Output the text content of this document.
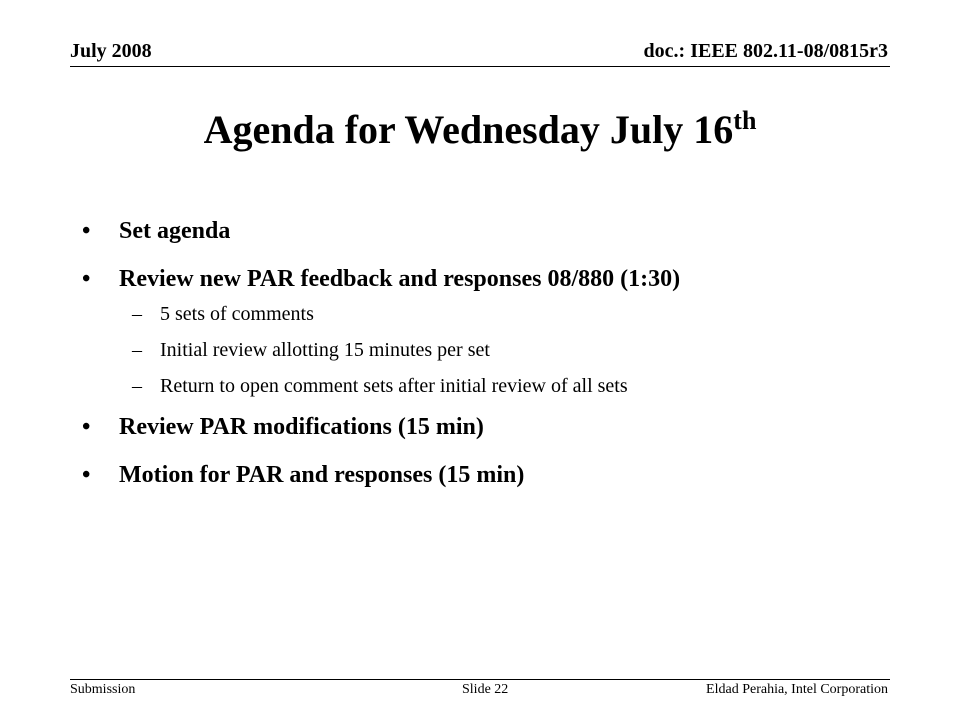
July 2008	doc.: IEEE 802.11-08/0815r3
Agenda for Wednesday July 16th
• Set agenda
• Review new PAR feedback and responses 08/880 (1:30)
– 5 sets of comments
– Initial review allotting 15 minutes per set
– Return to open comment sets after initial review of all sets
• Review PAR modifications (15 min)
• Motion for PAR and responses (15 min)
Submission	Slide 22	Eldad Perahia, Intel Corporation
